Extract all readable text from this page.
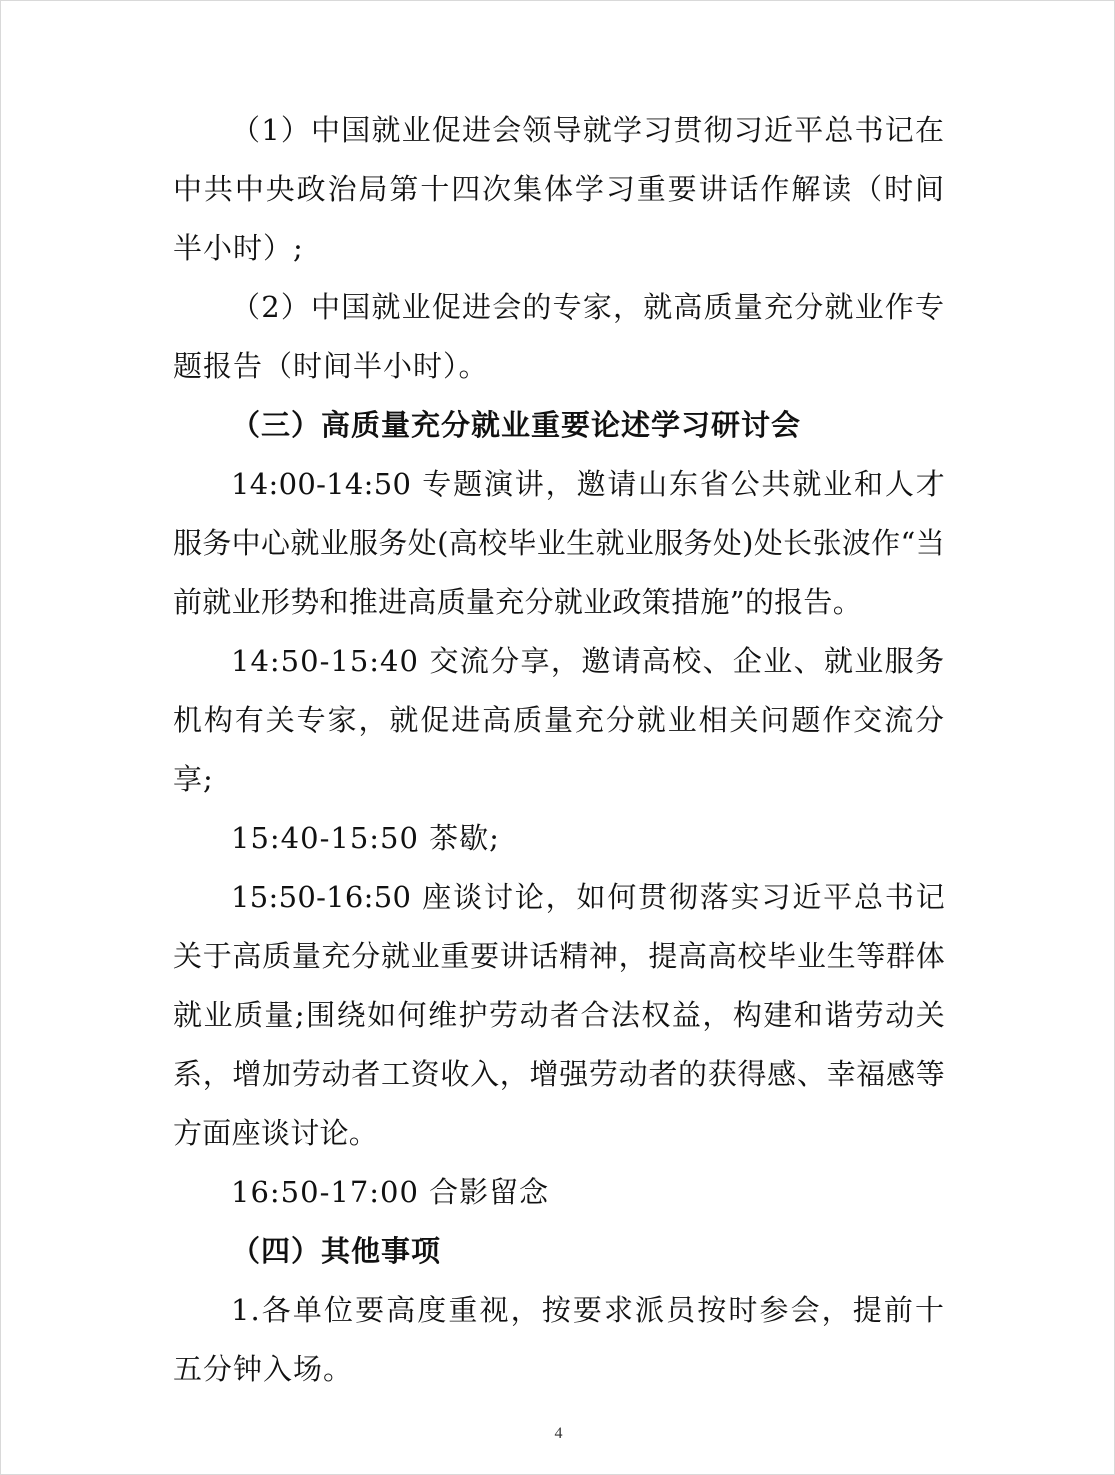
（1）中国就业促进会领导就学习贯彻习近平总书记在中共中央政治局第十四次集体学习重要讲话作解读（时间半小时）;

（2）中国就业促进会的专家，就高质量充分就业作专题报告（时间半小时）。

（三）高质量充分就业重要论述学习研讨会

14:00-14:50 专题演讲，邀请山东省公共就业和人才服务中心就业服务处(高校毕业生就业服务处)处长张波作“当前就业形势和推进高质量充分就业政策措施”的报告。

14:50-15:40 交流分享，邀请高校、企业、就业服务机构有关专家，就促进高质量充分就业相关问题作交流分享;

15:40-15:50 茶歇;

15:50-16:50 座谈讨论，如何贯彻落实习近平总书记关于高质量充分就业重要讲话精神，提高高校毕业生等群体就业质量;围绕如何维护劳动者合法权益，构建和谐劳动关系，增加劳动者工资收入，增强劳动者的获得感、幸福感等方面座谈讨论。

16:50-17:00 合影留念

（四）其他事项

1.各单位要高度重视，按要求派员按时参会，提前十五分钟入场。

4
